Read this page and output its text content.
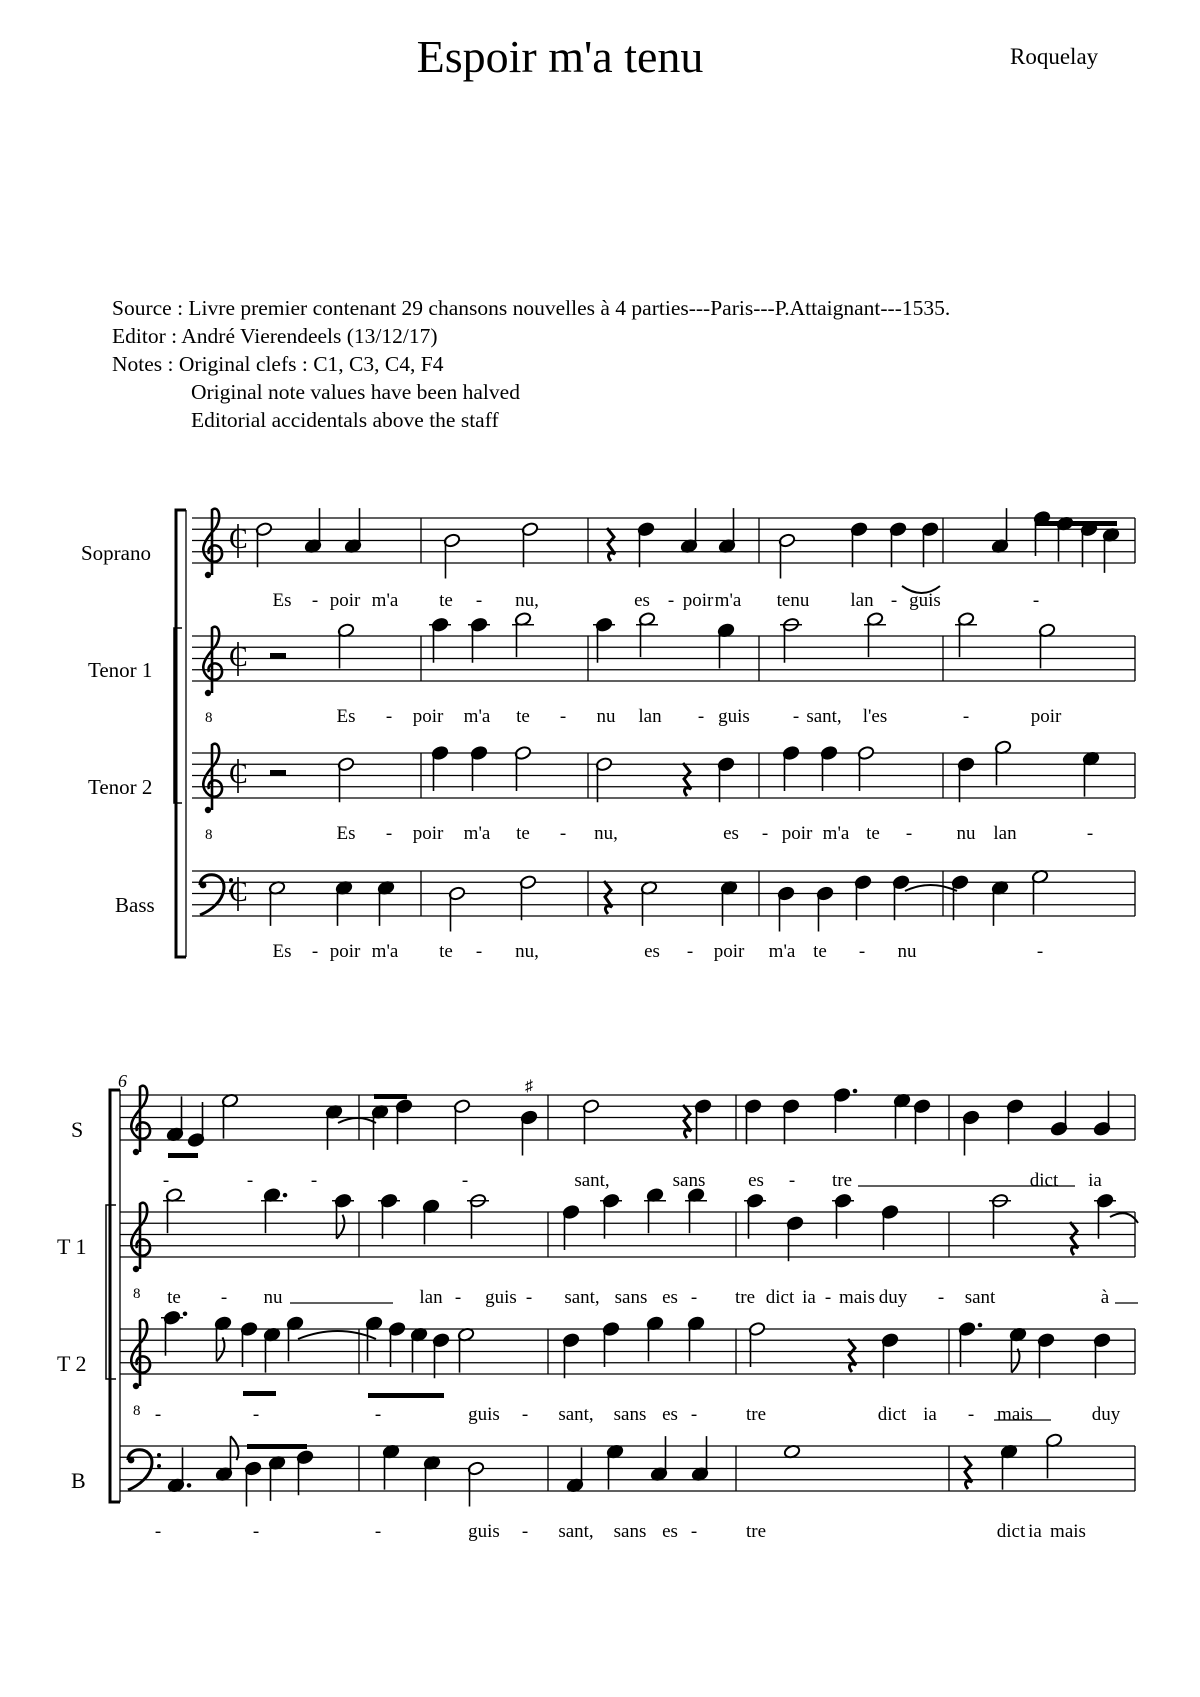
Espoir m'a tenu	Roquelay
Source : Livre premier contenant 29 chansons nouvelles à 4 parties---Paris---P.Attaignant---1535.
Editor : André Vierendeels (13/12/17)
Notes : Original clefs : C1, C3, C4, F4
Original note values have been halved
Editorial accidentals above the staff
Soprano
Tenor 1
Tenor 2
Bass
S
T 1
T 2
B
8
8
C
C
C
C
Es - poir m'a te - nu,	es - poir m'a tenu lan - guis	-
Es - poir m'a te - nu lan - guis - sant, l'es	-	poir
Es - poir m'a te - nu,	es - poir m'a te - nu lan	-
Es - poir m'a te - nu,	es - poir m'a te - nu	-
6
8
8
♯
-	-	-	-	sant,	sans es - tre	dict ia
te - nu	lan - guis - sant, sans es - tre dict ia - mais duy - sant	à
-	-	-	guis - sant, sans es -	tre	dict ia - mais	duy
-	-	-	guis - sant, sans es -	tre	dict ia mais
